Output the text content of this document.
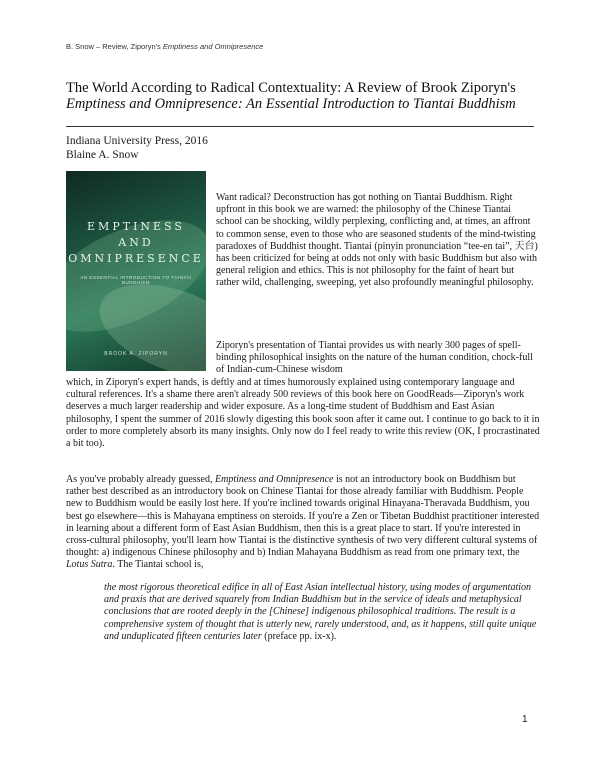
B. Snow – Review, Ziporyn's Emptiness and Omnipresence
The World According to Radical Contextuality: A Review of Brook Ziporyn's
Emptiness and Omnipresence: An Essential Introduction to Tiantai Buddhism
Indiana University Press, 2016
Blaine A. Snow
EMPTINESS
AND
OMNIPRESENCE
AN ESSENTIAL INTRODUCTION TO TIANTAI BUDDHISM
BROOK A. ZIPORYN
Want radical? Deconstruction has got nothing on Tiantai Buddhism. Right upfront in this book we are warned: the philosophy of the Chinese Tiantai school can be shocking, wildly perplexing, conflicting and, at times, an affront to common sense, even to those who are seasoned students of the mind-twisting paradoxes of Buddhist thought. Tiantai (pinyin pronunciation “tee-en tai”, 天台) has been criticized for being at odds not only with basic Buddhism but also with general religion and ethics. This is not philosophy for the faint of heart but rather wild, challenging, sweeping, yet also profoundly meaningful philosophy.
Ziporyn's presentation of Tiantai provides us with nearly 300 pages of spell-binding philosophical insights on the nature of the human condition, chock-full of Indian-cum-Chinese wisdom
which, in Ziporyn's expert hands, is deftly and at times humorously explained using contemporary language and cultural references. It's a shame there aren't already 500 reviews of this book here on GoodReads—Ziporyn's work deserves a much larger readership and wider exposure. As a long-time student of Buddhism and East Asian philosophy, I spent the summer of 2016 slowly digesting this book soon after it came out. I continue to go back to it in order to more completely absorb its many insights. Only now do I feel ready to write this review (OK, I procrastinated a bit too).
As you've probably already guessed, Emptiness and Omnipresence is not an introductory book on Buddhism but rather best described as an introductory book on Chinese Tiantai for those already familiar with Buddhism. People new to Buddhism would be easily lost here. If you're inclined towards original Hinayana-Theravada Buddhism, you best go elsewhere—this is Mahayana emptiness on steroids. If you're a Zen or Tibetan Buddhist practitioner interested in learning about a different form of East Asian Buddhism, then this is a great place to start. If you're interested in cross-cultural philosophy, you'll learn how Tiantai is the distinctive synthesis of two very different cultural systems of thought: a) indigenous Chinese philosophy and b) Indian Mahayana Buddhism as read from one primary text, the Lotus Sutra. The Tiantai school is,
the most rigorous theoretical edifice in all of East Asian intellectual history, using modes of argumentation and praxis that are derived squarely from Indian Buddhism but in the service of ideals and metaphysical conclusions that are rooted deeply in the [Chinese] indigenous philosophical traditions. The result is a comprehensive system of thought that is utterly new, rarely understood, and, as it happens, still quite unique and unduplicated fifteen centuries later (preface pp. ix-x).
1
